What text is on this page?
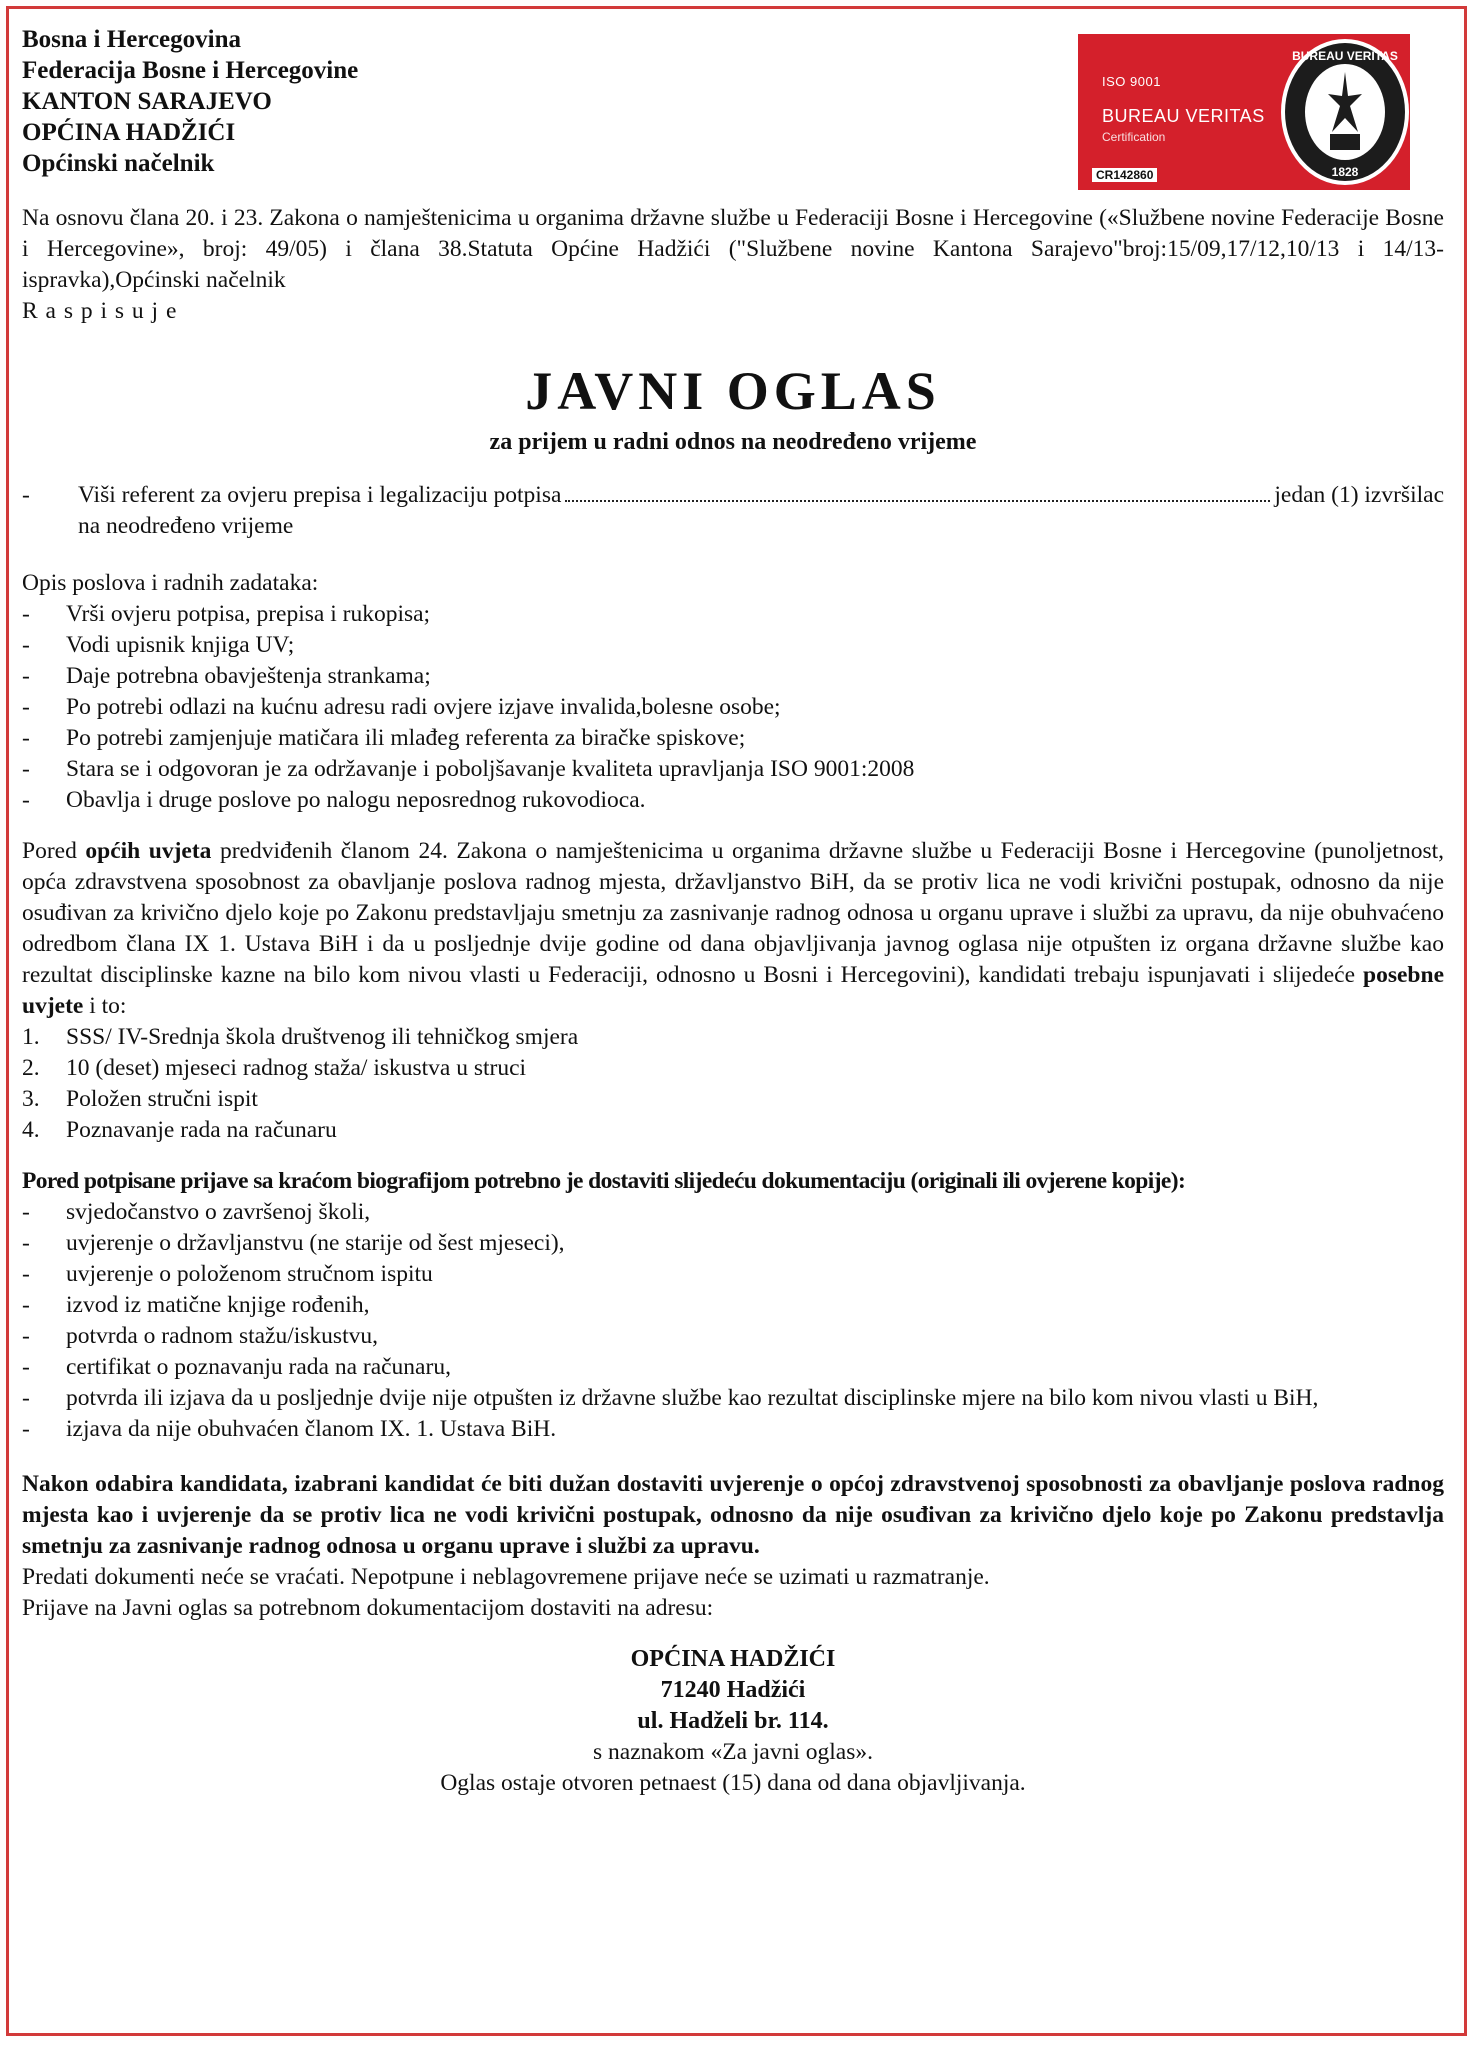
ISO 9001
BUREAU VERITAS
Certification
CR142860
BUREAU VERITAS
1828
Bosna i Hercegovina
Federacija Bosne i Hercegovine
KANTON SARAJEVO
OPĆINA HADŽIĆI
Općinski načelnik

Na osnovu člana 20. i 23. Zakona o namještenicima u organima državne službe u Federaciji Bosne i Hercegovine («Službene novine Federacije Bosne i Hercegovine», broj: 49/05) i člana 38.Statuta Općine Hadžići ("Službene novine Kantona Sarajevo"broj:15/09,17/12,10/13 i 14/13-ispravka),Općinski načelnik

R a s p i s u j e

JAVNI OGLAS
za prijem u radni odnos na neodređeno vrijeme
-	Viši referent za ovjeru prepisa i legalizaciju potpisa	jedan (1) izvršilac
na neodređeno vrijeme

Opis poslova i radnih zadataka:

-	Vrši ovjeru potpisa, prepisa i rukopisa;
-	Vodi upisnik knjiga UV;
-	Daje potrebna obavještenja strankama;
-	Po potrebi odlazi na kućnu adresu radi ovjere izjave invalida,bolesne osobe;
-	Po potrebi zamjenjuje matičara ili mlađeg referenta za biračke spiskove;
-	Stara se i odgovoran je za održavanje i poboljšavanje kvaliteta upravljanja ISO 9001:2008
-	Obavlja i druge poslove po nalogu neposrednog rukovodioca.

Pored općih uvjeta predviđenih članom 24. Zakona o namještenicima u organima državne službe u Federaciji Bosne i Hercegovine (punoljetnost, opća zdravstvena sposobnost za obavljanje poslova radnog mjesta, državljanstvo BiH, da se protiv lica ne vodi krivični postupak, odnosno da nije osuđivan za krivično djelo koje po Zakonu predstavljaju smetnju za zasnivanje radnog odnosa u organu uprave i službi za upravu, da nije obuhvaćeno odredbom člana IX 1. Ustava BiH i da u posljednje dvije godine od dana objavljivanja javnog oglasa nije otpušten iz organa državne službe kao rezultat disciplinske kazne na bilo kom nivou vlasti u Federaciji, odnosno u Bosni i Hercegovini), kandidati trebaju ispunjavati i slijedeće posebne uvjete i to:

1.	SSS/ IV-Srednja škola društvenog ili tehničkog smjera
2.	10 (deset) mjeseci radnog staža/ iskustva u struci
3.	Položen stručni ispit
4.	Poznavanje rada na računaru

Pored potpisane prijave sa kraćom biografijom potrebno je dostaviti slijedeću dokumentaciju (originali ili ovjerene kopije):

-	svjedočanstvo o završenoj školi,
-	uvjerenje o državljanstvu (ne starije od šest mjeseci),
-	uvjerenje o položenom stručnom ispitu
-	izvod iz matične knjige rođenih,
-	potvrda o radnom stažu/iskustvu,
-	certifikat o poznavanju rada na računaru,
-	potvrda ili izjava da u posljednje dvije nije otpušten iz državne službe kao rezultat disciplinske mjere na bilo kom nivou vlasti u BiH,
-	izjava da nije obuhvaćen članom IX. 1. Ustava BiH.

Nakon odabira kandidata, izabrani kandidat će biti dužan dostaviti uvjerenje o općoj zdravstvenoj sposobnosti za obavljanje poslova radnog mjesta kao i uvjerenje da se protiv lica ne vodi krivični postupak, odnosno da nije osuđivan za krivično djelo koje po Zakonu predstavlja smetnju za zasnivanje radnog odnosa u organu uprave i službi za upravu.

Predati dokumenti neće se vraćati. Nepotpune i neblagovremene prijave neće se uzimati u razmatranje.

Prijave na Javni oglas sa potrebnom dokumentacijom dostaviti na adresu:

OPĆINA HADŽIĆI
71240 Hadžići
ul. Hadželi br. 114.
s naznakom «Za javni oglas».
Oglas ostaje otvoren petnaest (15) dana od dana objavljivanja.
